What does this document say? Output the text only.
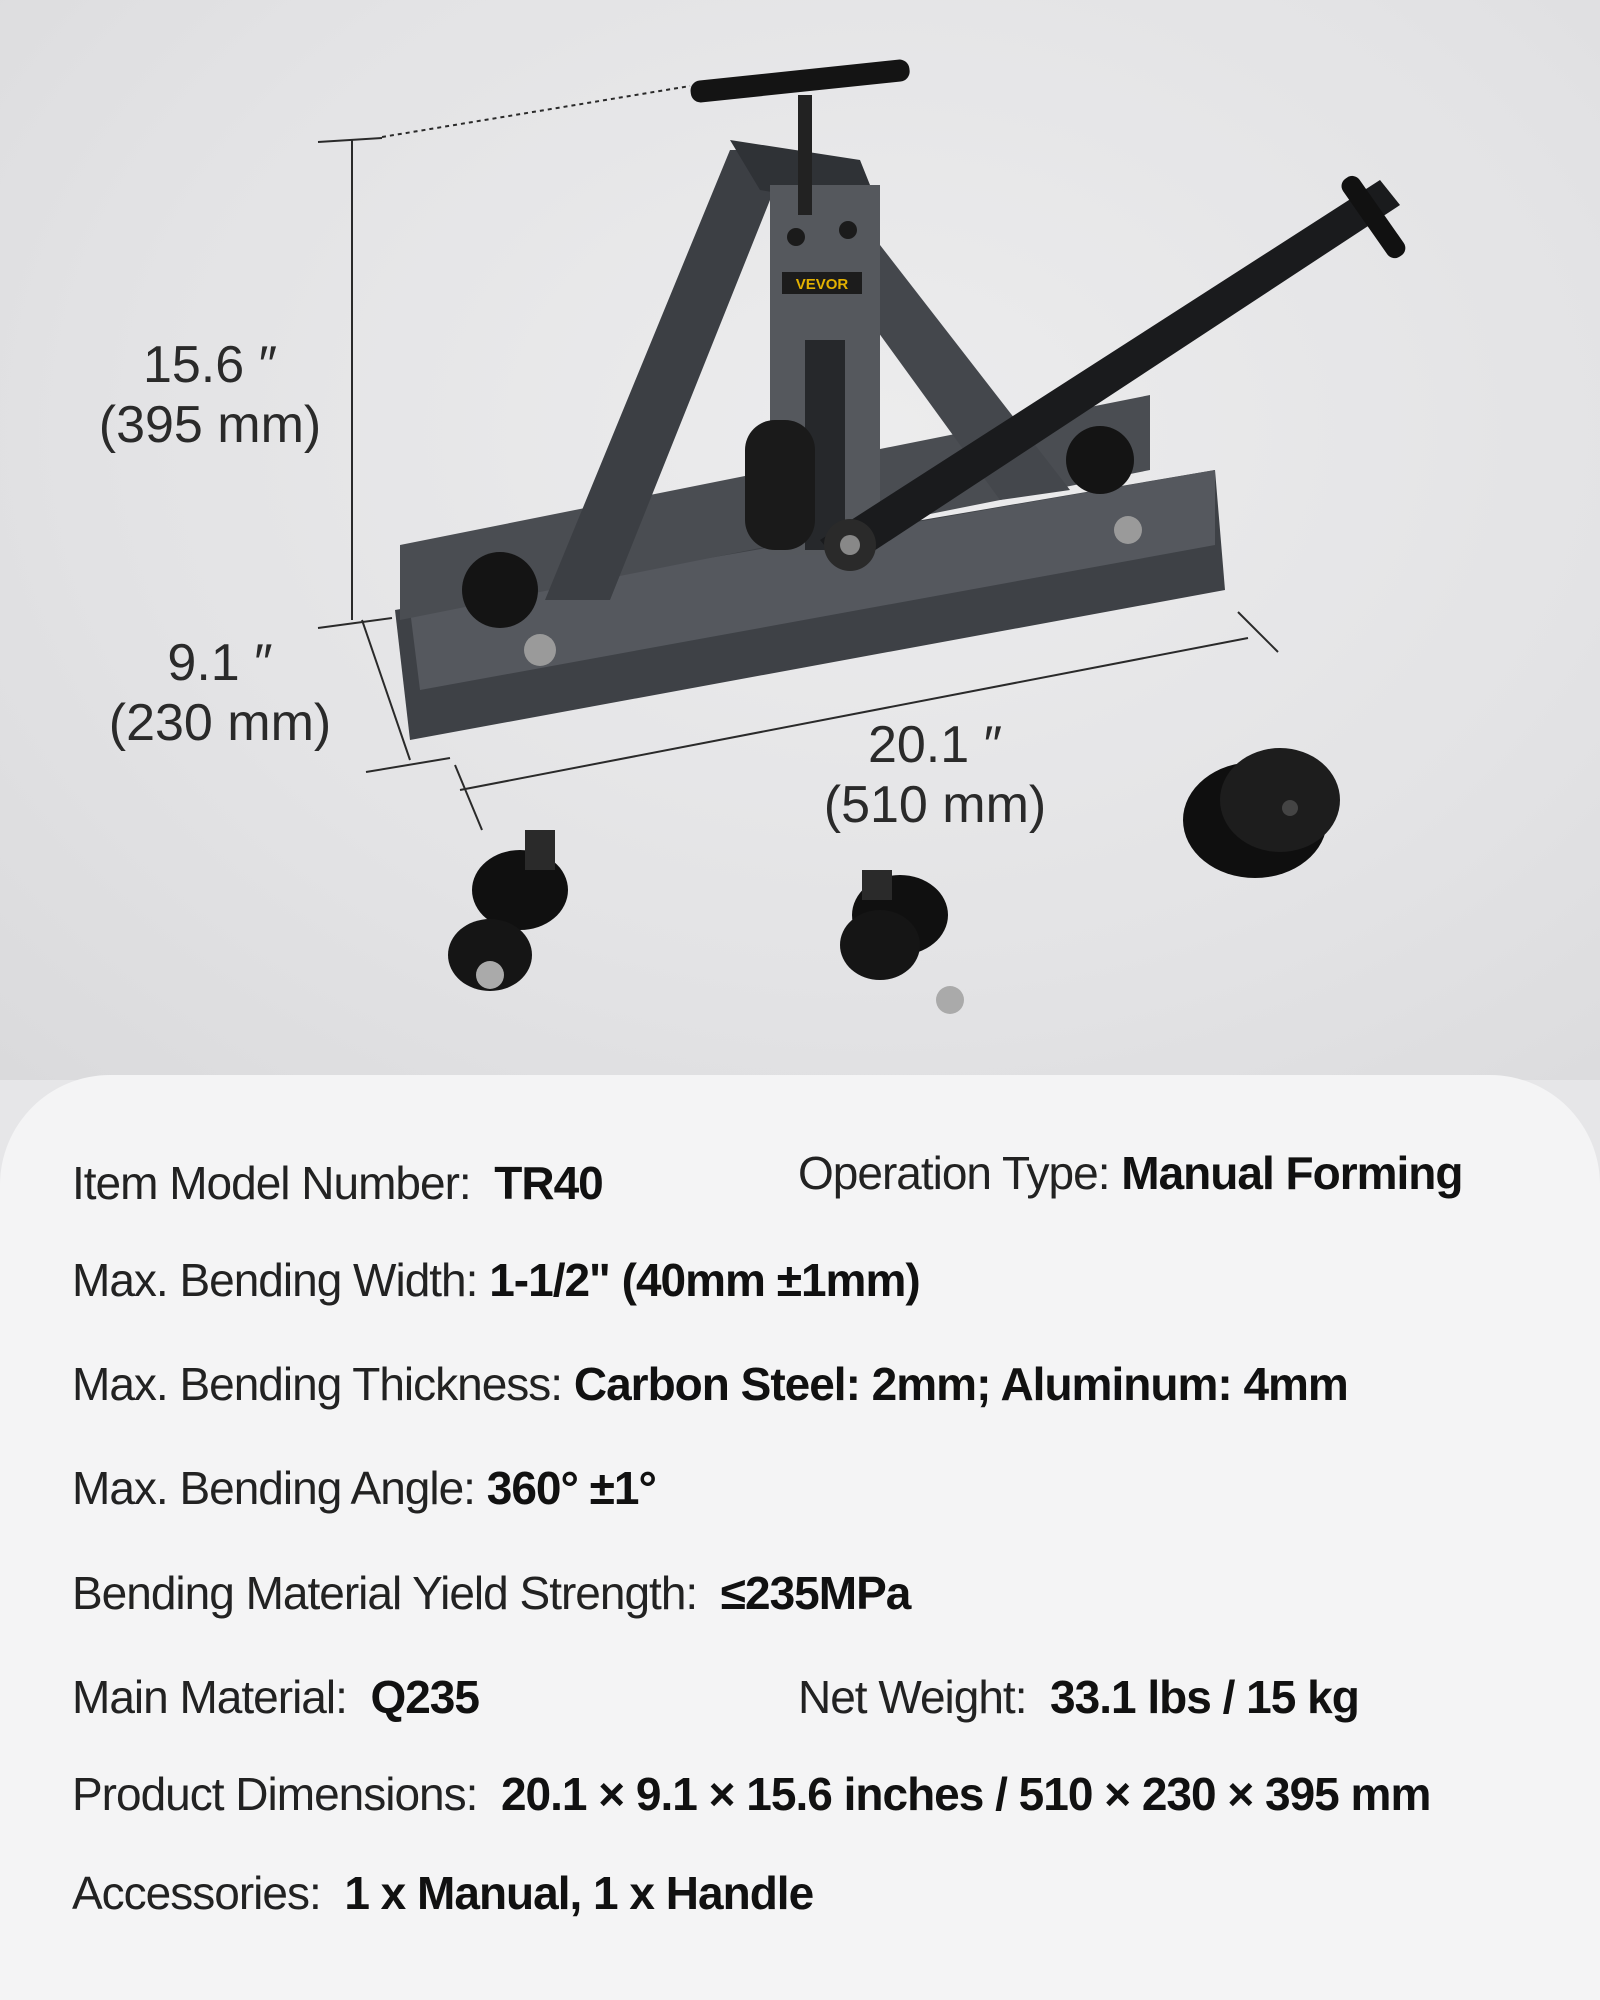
VEVOR
15.6 ″
(395 mm)
9.1 ″
(230 mm)	20.1 ″
(510 mm)
Item Model Number: TR40	Operation Type: Manual Forming
Max. Bending Width: 1-1/2" (40mm ±1mm)
Max. Bending Thickness: Carbon Steel: 2mm; Aluminum: 4mm
Max. Bending Angle: 360° ±1°
Bending Material Yield Strength: ≤235MPa
Main Material: Q235	Net Weight: 33.1 lbs / 15 kg
Product Dimensions: 20.1 × 9.1 × 15.6 inches / 510 × 230 × 395 mm
Accessories: 1 x Manual, 1 x Handle
